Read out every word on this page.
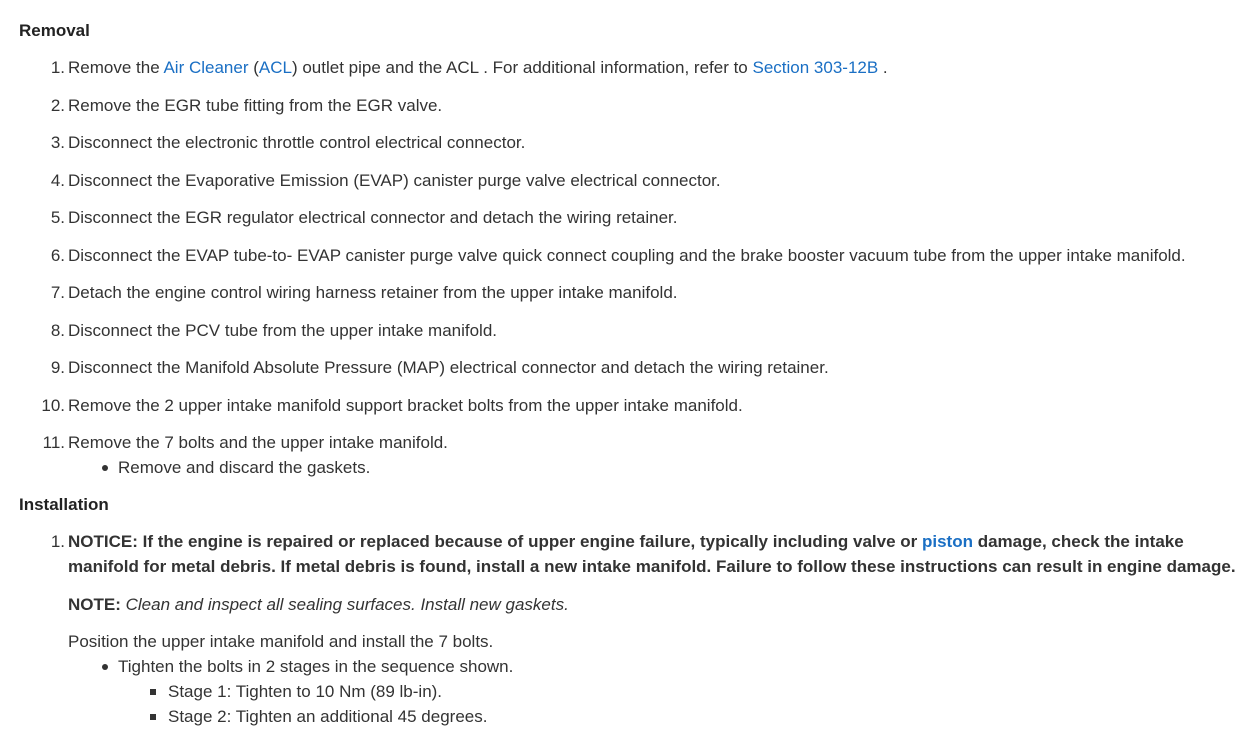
Removal
1. Remove the Air Cleaner (ACL) outlet pipe and the ACL . For additional information, refer to Section 303-12B .
2. Remove the EGR tube fitting from the EGR valve.
3. Disconnect the electronic throttle control electrical connector.
4. Disconnect the Evaporative Emission (EVAP) canister purge valve electrical connector.
5. Disconnect the EGR regulator electrical connector and detach the wiring retainer.
6. Disconnect the EVAP tube-to- EVAP canister purge valve quick connect coupling and the brake booster vacuum tube from the upper intake manifold.
7. Detach the engine control wiring harness retainer from the upper intake manifold.
8. Disconnect the PCV tube from the upper intake manifold.
9. Disconnect the Manifold Absolute Pressure (MAP) electrical connector and detach the wiring retainer.
10. Remove the 2 upper intake manifold support bracket bolts from the upper intake manifold.
11. Remove the 7 bolts and the upper intake manifold.
Remove and discard the gaskets.
Installation
1. NOTICE: If the engine is repaired or replaced because of upper engine failure, typically including valve or piston damage, check the intake manifold for metal debris. If metal debris is found, install a new intake manifold. Failure to follow these instructions can result in engine damage.
NOTE: Clean and inspect all sealing surfaces. Install new gaskets.
Position the upper intake manifold and install the 7 bolts.
Tighten the bolts in 2 stages in the sequence shown.
Stage 1: Tighten to 10 Nm (89 lb-in).
Stage 2: Tighten an additional 45 degrees.
